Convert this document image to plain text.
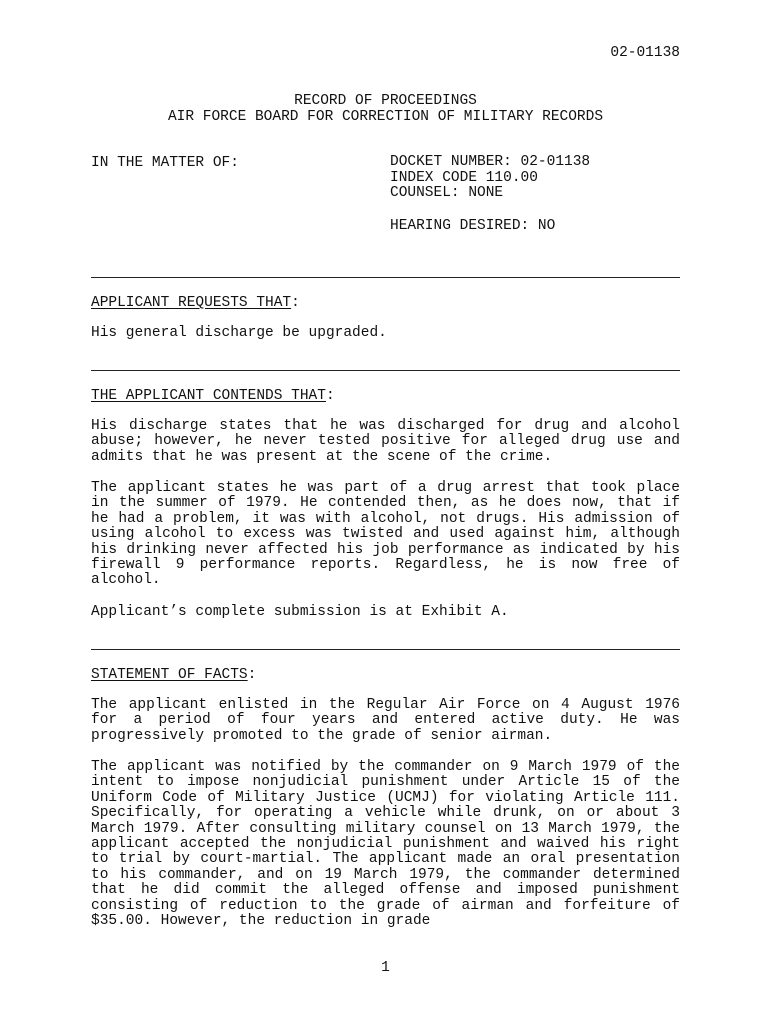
02-01138
RECORD OF PROCEEDINGS
AIR FORCE BOARD FOR CORRECTION OF MILITARY RECORDS
IN THE MATTER OF:	DOCKET NUMBER: 02-01138
INDEX CODE 110.00
COUNSEL: NONE
HEARING DESIRED: NO
APPLICANT REQUESTS THAT:

His general discharge be upgraded.

THE APPLICANT CONTENDS THAT:

His discharge states that he was discharged for drug and alcohol abuse; however, he never tested positive for alleged drug use and admits that he was present at the scene of the crime.

The applicant states he was part of a drug arrest that took place in the summer of 1979. He contended then, as he does now, that if he had a problem, it was with alcohol, not drugs. His admission of using alcohol to excess was twisted and used against him, although his drinking never affected his job performance as indicated by his firewall 9 performance reports. Regardless, he is now free of alcohol.

Applicant’s complete submission is at Exhibit A.

STATEMENT OF FACTS:

The applicant enlisted in the Regular Air Force on 4 August 1976 for a period of four years and entered active duty. He was progressively promoted to the grade of senior airman.

The applicant was notified by the commander on 9 March 1979 of the intent to impose nonjudicial punishment under Article 15 of the Uniform Code of Military Justice (UCMJ) for violating Article 111. Specifically, for operating a vehicle while drunk, on or about 3 March 1979. After consulting military counsel on 13 March 1979, the applicant accepted the nonjudicial punishment and waived his right to trial by court-martial. The applicant made an oral presentation to his commander, and on 19 March 1979, the commander determined that he did commit the alleged offense and imposed punishment consisting of reduction to the grade of airman and forfeiture of $35.00. However, the reduction in grade

1
